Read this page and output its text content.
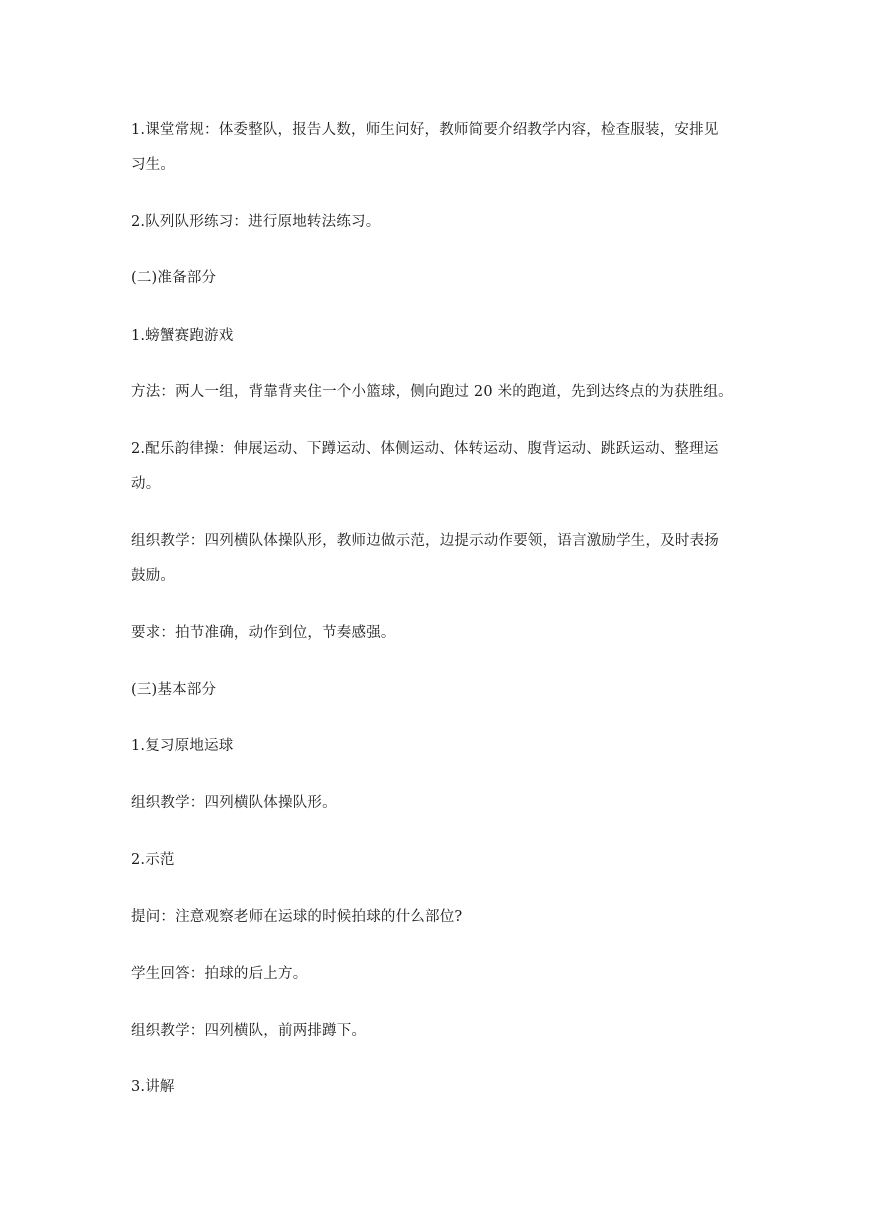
1.课堂常规：体委整队，报告人数，师生问好，教师简要介绍教学内容，检查服装，安排见
习生。
2.队列队形练习：进行原地转法练习。
(二)准备部分
1.螃蟹赛跑游戏
方法：两人一组，背靠背夹住一个小篮球，侧向跑过 20 米的跑道，先到达终点的为获胜组。
2.配乐韵律操：伸展运动、下蹲运动、体侧运动、体转运动、腹背运动、跳跃运动、整理运
动。
组织教学：四列横队体操队形，教师边做示范，边提示动作要领，语言激励学生，及时表扬
鼓励。
要求：拍节准确，动作到位，节奏感强。
(三)基本部分
1.复习原地运球
组织教学：四列横队体操队形。
2.示范
提问：注意观察老师在运球的时候拍球的什么部位?
学生回答：拍球的后上方。
组织教学：四列横队，前两排蹲下。
3.讲解
